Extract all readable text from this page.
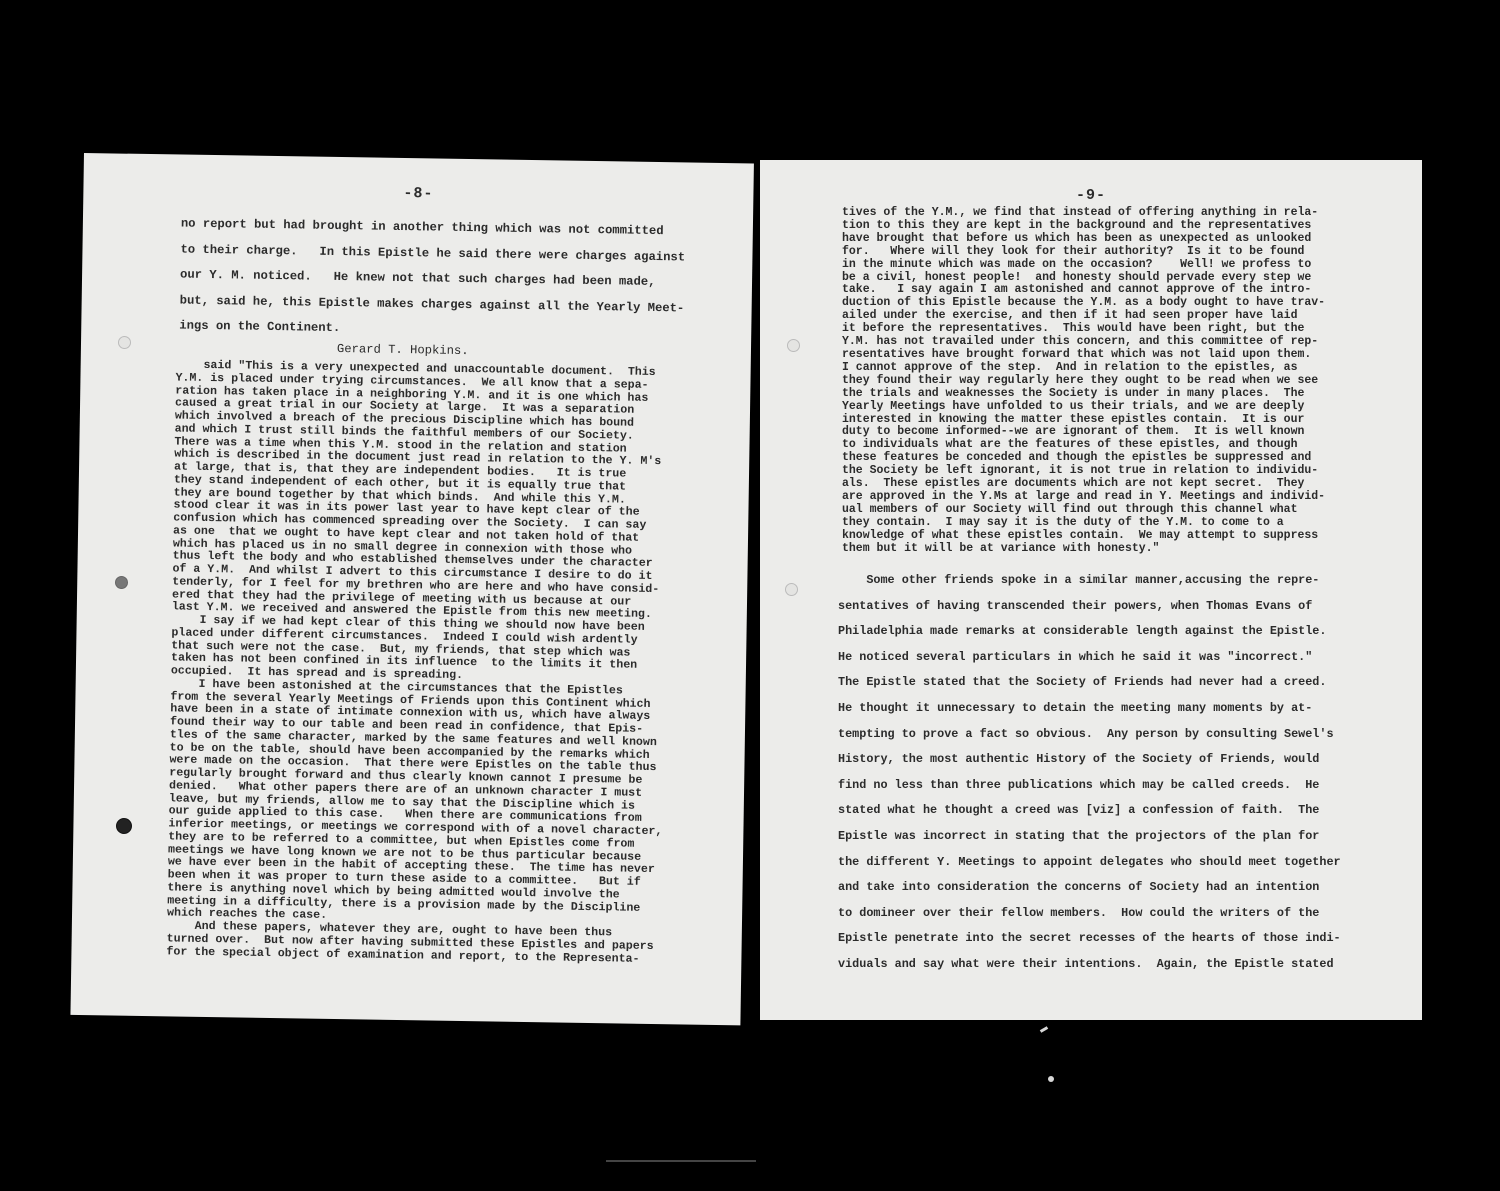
-8-
no report but had brought in another thing which was not committed
to their charge.   In this Epistle he said there were charges against
our Y. M. noticed.   He knew not that such charges had been made,
but, said he, this Epistle makes charges against all the Yearly Meet-
ings on the Continent.
Gerard T. Hopkins.
said "This is a very unexpected and unaccountable document.  This
Y.M. is placed under trying circumstances.  We all know that a sepa-
ration has taken place in a neighboring Y.M. and it is one which has
caused a great trial in our Society at large.  It was a separation
which involved a breach of the precious Discipline which has bound
and which I trust still binds the faithful members of our Society.
There was a time when this Y.M. stood in the relation and station
which is described in the document just read in relation to the Y. M's
at large, that is, that they are independent bodies.   It is true
they stand independent of each other, but it is equally true that
they are bound together by that which binds.  And while this Y.M.
stood clear it was in its power last year to have kept clear of the
confusion which has commenced spreading over the Society.  I can say
as one  that we ought to have kept clear and not taken hold of that
which has placed us in no small degree in connexion with those who
thus left the body and who established themselves under the character
of a Y.M.  And whilst I advert to this circumstance I desire to do it
tenderly, for I feel for my brethren who are here and who have consid-
ered that they had the privilege of meeting with us because at our
last Y.M. we received and answered the Epistle from this new meeting.
I say if we had kept clear of this thing we should now have been
placed under different circumstances.  Indeed I could wish ardently
that such were not the case.  But, my friends, that step which was
taken has not been confined in its influence  to the limits it then
occupied.  It has spread and is spreading.
I have been astonished at the circumstances that the Epistles
from the several Yearly Meetings of Friends upon this Continent which
have been in a state of intimate connexion with us, which have always
found their way to our table and been read in confidence, that Epis-
tles of the same character, marked by the same features and well known
to be on the table, should have been accompanied by the remarks which
were made on the occasion.  That there were Epistles on the table thus
regularly brought forward and thus clearly known cannot I presume be
denied.   What other papers there are of an unknown character I must
leave, but my friends, allow me to say that the Discipline which is
our guide applied to this case.   When there are communications from
inferior meetings, or meetings we correspond with of a novel character,
they are to be referred to a committee, but when Epistles come from
meetings we have long known we are not to be thus particular because
we have ever been in the habit of accepting these.  The time has never
been when it was proper to turn these aside to a committee.   But if
there is anything novel which by being admitted would involve the
meeting in a difficulty, there is a provision made by the Discipline
which reaches the case.
And these papers, whatever they are, ought to have been thus
turned over.  But now after having submitted these Epistles and papers
for the special object of examination and report, to the Representa-
-9-
tives of the Y.M., we find that instead of offering anything in rela-
tion to this they are kept in the background and the representatives
have brought that before us which has been as unexpected as unlooked
for.   Where will they look for their authority?  Is it to be found
in the minute which was made on the occasion?    Well! we profess to
be a civil, honest people!  and honesty should pervade every step we
take.   I say again I am astonished and cannot approve of the intro-
duction of this Epistle because the Y.M. as a body ought to have trav-
ailed under the exercise, and then if it had seen proper have laid
it before the representatives.  This would have been right, but the
Y.M. has not travailed under this concern, and this committee of rep-
resentatives have brought forward that which was not laid upon them.
I cannot approve of the step.  And in relation to the epistles, as
they found their way regularly here they ought to be read when we see
the trials and weaknesses the Society is under in many places.  The
Yearly Meetings have unfolded to us their trials, and we are deeply
interested in knowing the matter these epistles contain.  It is our
duty to become informed--we are ignorant of them.  It is well known
to individuals what are the features of these epistles, and though
these features be conceded and though the epistles be suppressed and
the Society be left ignorant, it is not true in relation to individu-
als.  These epistles are documents which are not kept secret.  They
are approved in the Y.Ms at large and read in Y. Meetings and individ-
ual members of our Society will find out through this channel what
they contain.  I may say it is the duty of the Y.M. to come to a
knowledge of what these epistles contain.  We may attempt to suppress
them but it will be at variance with honesty."
Some other friends spoke in a similar manner,accusing the repre-
sentatives of having transcended their powers, when Thomas Evans of
Philadelphia made remarks at considerable length against the Epistle.
He noticed several particulars in which he said it was "incorrect."
The Epistle stated that the Society of Friends had never had a creed.
He thought it unnecessary to detain the meeting many moments by at-
tempting to prove a fact so obvious.  Any person by consulting Sewel's
History, the most authentic History of the Society of Friends, would
find no less than three publications which may be called creeds.  He
stated what he thought a creed was [viz] a confession of faith.  The
Epistle was incorrect in stating that the projectors of the plan for
the different Y. Meetings to appoint delegates who should meet together
and take into consideration the concerns of Society had an intention
to domineer over their fellow members.  How could the writers of the
Epistle penetrate into the secret recesses of the hearts of those indi-
viduals and say what were their intentions.  Again, the Epistle stated
